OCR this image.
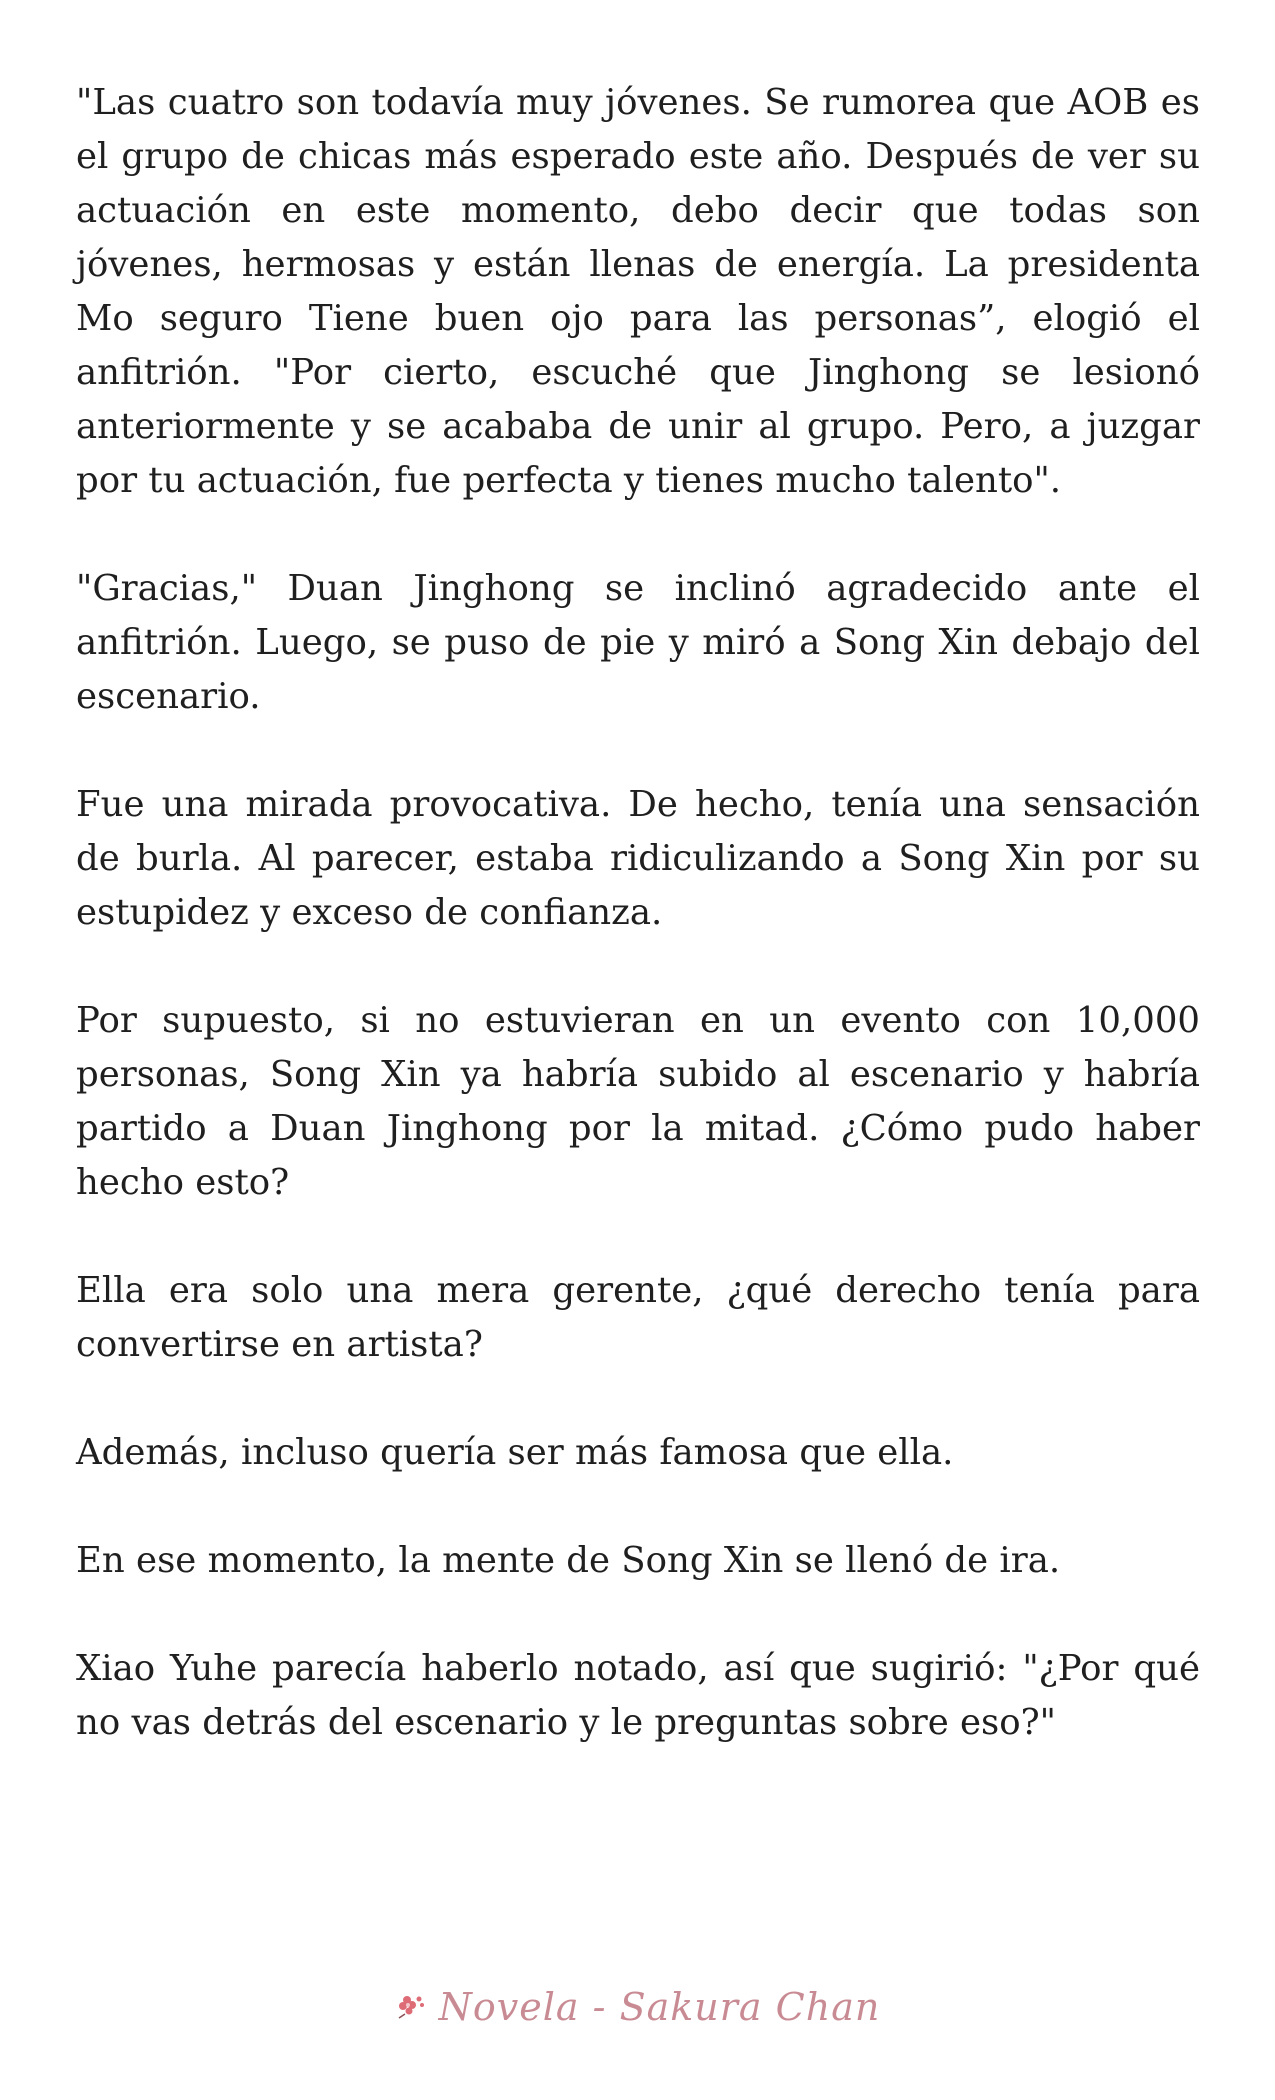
"Las cuatro son todavía muy jóvenes. Se rumorea que AOB es el grupo de chicas más esperado este año. Después de ver su actuación en este momento, debo decir que todas son jóvenes, hermosas y están llenas de energía. La presidenta Mo seguro Tiene buen ojo para las personas”, elogió el anfitrión. "Por cierto, escuché que Jinghong se lesionó anteriormente y se acababa de unir al grupo. Pero, a juzgar por tu actuación, fue perfecta y tienes mucho talento".

"Gracias," Duan Jinghong se inclinó agradecido ante el anfitrión. Luego, se puso de pie y miró a Song Xin debajo del escenario.

Fue una mirada provocativa. De hecho, tenía una sensación de burla. Al parecer, estaba ridiculizando a Song Xin por su estupidez y exceso de confianza.

Por supuesto, si no estuvieran en un evento con 10,000 personas, Song Xin ya habría subido al escenario y habría partido a Duan Jinghong por la mitad. ¿Cómo pudo haber hecho esto?

Ella era solo una mera gerente, ¿qué derecho tenía para convertirse en artista?

Además, incluso quería ser más famosa que ella.

En ese momento, la mente de Song Xin se llenó de ira.

Xiao Yuhe parecía haberlo notado, así que sugirió: "¿Por qué no vas detrás del escenario y le preguntas sobre eso?"

Novela - Sakura Chan
